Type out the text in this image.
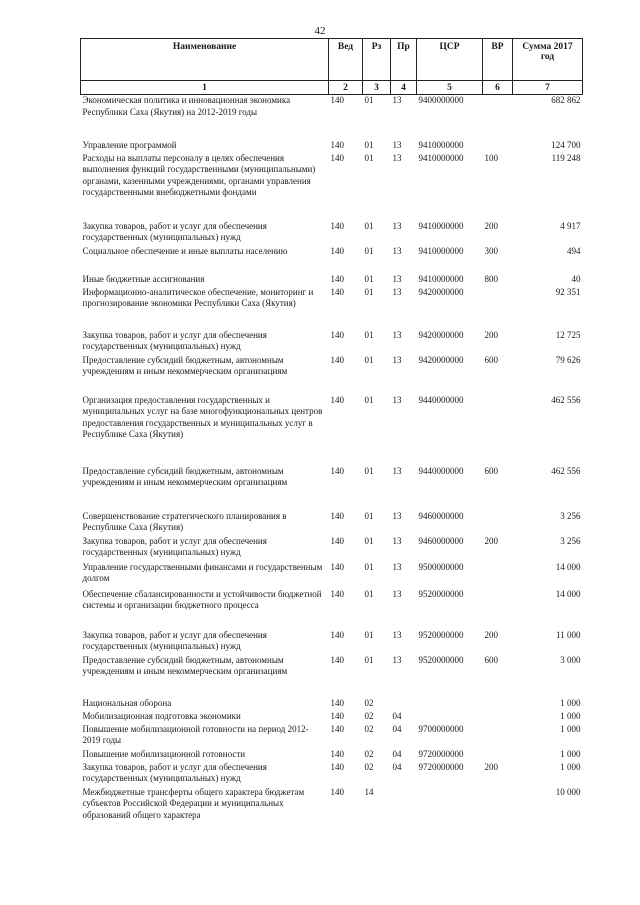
42
Наименование	Вед	Рз	Пр	ЦСР	ВР	Сумма 2017 год
1	2	3	4	5	6	7
Экономическая политика и инновационная экономика Республики Саха (Якутия) на 2012-2019 годы	140	01	13	9400000000		682 862
Управление программой	140	01	13	9410000000		124 700
Расходы на выплаты персоналу в целях обеспечения выполнения функций государственными (муниципальными) органами, казенными учреждениями, органами управления государственными внебюджетными фондами	140	01	13	9410000000	100	119 248
Закупка товаров, работ и услуг для обеспечения государственных (муниципальных) нужд	140	01	13	9410000000	200	4 917
Социальное обеспечение и иные выплаты населению	140	01	13	9410000000	300	494
Иные бюджетные ассигнования	140	01	13	9410000000	800	40
Информационно-аналитическое обеспечение, мониторинг и прогнозирование экономики Республики Саха (Якутия)	140	01	13	9420000000		92 351
Закупка товаров, работ и услуг для обеспечения государственных (муниципальных) нужд	140	01	13	9420000000	200	12 725
Предоставление субсидий бюджетным, автономным учреждениям и иным некоммерческим организациям	140	01	13	9420000000	600	79 626
Организация предоставления государственных и муниципальных услуг на базе многофункциональных центров предоставления государственных и муниципальных услуг в Республике Саха (Якутия)	140	01	13	9440000000		462 556
Предоставление субсидий бюджетным, автономным учреждениям и иным некоммерческим организациям	140	01	13	9440000000	600	462 556
Совершенствование стратегического планирования в Республике Саха (Якутия)	140	01	13	9460000000		3 256
Закупка товаров, работ и услуг для обеспечения государственных (муниципальных) нужд	140	01	13	9460000000	200	3 256
Управление государственными финансами и государственным долгом	140	01	13	9500000000		14 000
Обеспечение сбалансированности и устойчивости бюджетной системы и организации бюджетного процесса	140	01	13	9520000000		14 000
Закупка товаров, работ и услуг для обеспечения государственных (муниципальных) нужд	140	01	13	9520000000	200	11 000
Предоставление субсидий бюджетным, автономным учреждениям и иным некоммерческим организациям	140	01	13	9520000000	600	3 000
Национальная оборона	140	02				1 000
Мобилизационная подготовка экономики	140	02	04			1 000
Повышение мобилизационной готовности на период 2012-2019 годы	140	02	04	9700000000		1 000
Повышение мобилизационной готовности	140	02	04	9720000000		1 000
Закупка товаров, работ и услуг для обеспечения государственных (муниципальных) нужд	140	02	04	9720000000	200	1 000
Межбюджетные трансферты общего характера бюджетам субъектов Российской Федерации и муниципальных образований общего характера	140	14				10 000
